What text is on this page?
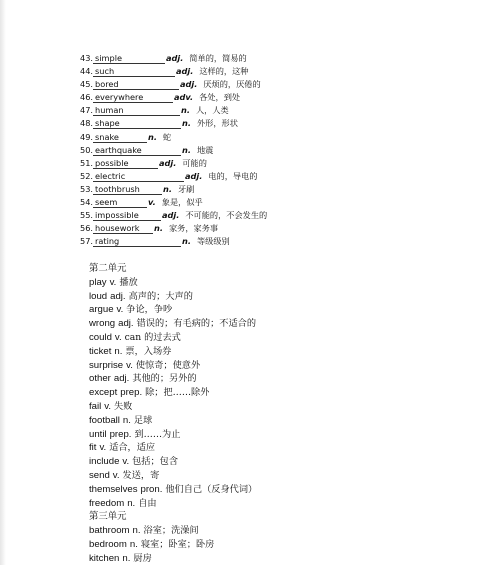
43. simple	adj. 简单的，简易的
44. such	adj. 这样的，这种
45. bored	adj. 厌烦的，厌倦的
46. everywhere	adv. 各处，到处
47. human	n. 人，人类
48. shape	n. 外形，形状
49. snake	n. 蛇
50. earthquake	n. 地震
51. possible	adj. 可能的
52. electric	adj. 电的，导电的
53. toothbrush	n. 牙刷
54. seem	v. 象是，似乎
55. impossible	adj. 不可能的，不会发生的
56. housework	n. 家务，家务事
57. rating	n. 等级级别
第二单元
play v. 播放
loud adj. 高声的；大声的
argue v. 争论，争吵
wrong adj. 错误的；有毛病的；不适合的
could v. can 的过去式
ticket n. 票，入场券
surprise v. 使惊奇；使意外
other adj. 其他的；另外的
except prep. 除；把……除外
fail v. 失败
football n. 足球
until prep. 到……为止
fit v. 适合，适应
include v. 包括；包含
send v. 发送，寄
themselves pron. 他们自己（反身代词）
freedom n. 自由
第三单元
bathroom n. 浴室；洗澡间
bedroom n. 寝室；卧室；卧房
kitchen n. 厨房
